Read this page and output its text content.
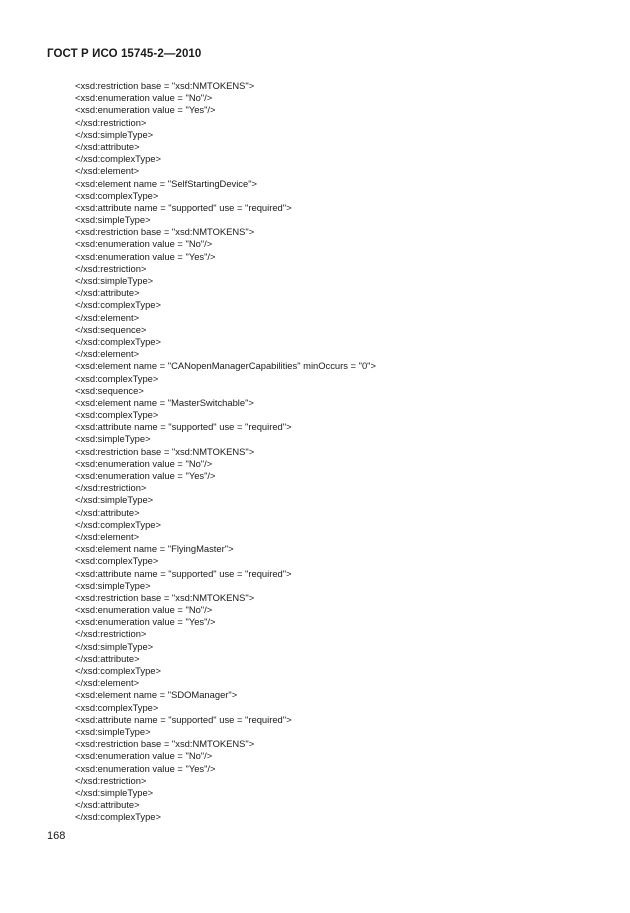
ГОСТ Р ИСО 15745-2—2010
<xsd:restriction base = "xsd:NMTOKENS">
<xsd:enumeration value = "No"/>
<xsd:enumeration value = "Yes"/>
</xsd:restriction>
</xsd:simpleType>
</xsd:attribute>
</xsd:complexType>
</xsd:element>
<xsd:element name = "SelfStartingDevice">
<xsd:complexType>
<xsd:attribute name = "supported" use = "required">
<xsd:simpleType>
<xsd:restriction base = "xsd:NMTOKENS">
<xsd:enumeration value = "No"/>
<xsd:enumeration value = "Yes"/>
</xsd:restriction>
</xsd:simpleType>
</xsd:attribute>
</xsd:complexType>
</xsd:element>
</xsd:sequence>
</xsd:complexType>
</xsd:element>
<xsd:element name = "CANopenManagerCapabilities" minOccurs = "0">
<xsd:complexType>
<xsd:sequence>
<xsd:element name = "MasterSwitchable">
<xsd:complexType>
<xsd:attribute name = "supported" use = "required">
<xsd:simpleType>
<xsd:restriction base = "xsd:NMTOKENS">
<xsd:enumeration value = "No"/>
<xsd:enumeration value = "Yes"/>
</xsd:restriction>
</xsd:simpleType>
</xsd:attribute>
</xsd:complexType>
</xsd:element>
<xsd:element name = "FlyingMaster">
<xsd:complexType>
<xsd:attribute name = "supported" use = "required">
<xsd:simpleType>
<xsd:restriction base = "xsd:NMTOKENS">
<xsd:enumeration value = "No"/>
<xsd:enumeration value = "Yes"/>
</xsd:restriction>
</xsd:simpleType>
</xsd:attribute>
</xsd:complexType>
</xsd:element>
<xsd:element name = "SDOManager">
<xsd:complexType>
<xsd:attribute name = "supported" use = "required">
<xsd:simpleType>
<xsd:restriction base = "xsd:NMTOKENS">
<xsd:enumeration value = "No"/>
<xsd:enumeration value = "Yes"/>
</xsd:restriction>
</xsd:simpleType>
</xsd:attribute>
</xsd:complexType>
168
